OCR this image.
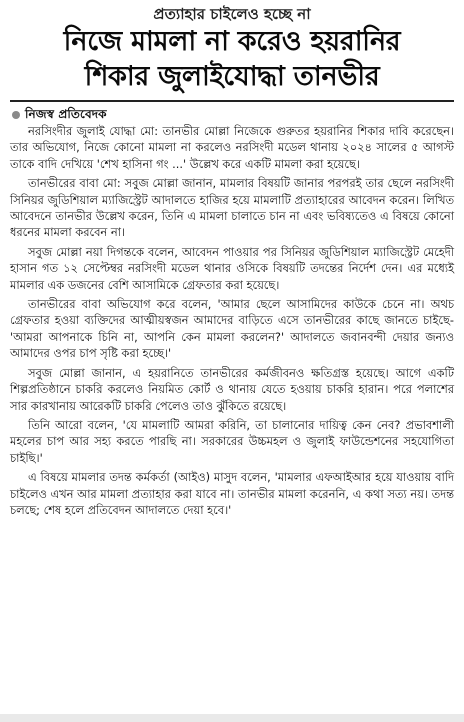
প্রত্যাহার চাইলেও হচ্ছে না
নিজে মামলা না করেও হয়রানির
শিকার জুলাইযোদ্ধা তানভীর
নিজস্ব প্রতিবেদক

নরসিংদীর জুলাই যোদ্ধা মো: তানভীর মোল্লা নিজেকে গুরুতর হয়রানির শিকার দাবি করেছেন। তার অভিযোগ, নিজে কোনো মামলা না করলেও নরসিংদী মডেল থানায় ২০২৪ সালের ৫ আগস্ট তাকে বাদি দেখিয়ে 'শেখ হাসিনা গং ...' উল্লেখ করে একটি মামলা করা হয়েছে।

তানভীরের বাবা মো: সবুজ মোল্লা জানান, মামলার বিষয়টি জানার পরপরই তার ছেলে নরসিংদী সিনিয়র জুডিশিয়াল ম্যাজিস্ট্রেট আদালতে হাজির হয়ে মামলাটি প্রত্যাহারের আবেদন করেন। লিখিত আবেদনে তানভীর উল্লেখ করেন, তিনি এ মামলা চালাতে চান না এবং ভবিষ্যতেও এ বিষয়ে কোনো ধরনের মামলা করবেন না।

সবুজ মোল্লা নয়া দিগন্তকে বলেন, আবেদন পাওয়ার পর সিনিয়র জুডিশিয়াল ম্যাজিস্ট্রেট মেহেদী হাসান গত ১২ সেপ্টেম্বর নরসিংদী মডেল থানার ওসিকে বিষয়টি তদন্তের নির্দেশ দেন। এর মধ্যেই মামলার এক ডজনের বেশি আসামিকে গ্রেফতার করা হয়েছে।

তানভীরের বাবা অভিযোগ করে বলেন, 'আমার ছেলে আসামিদের কাউকে চেনে না। অথচ গ্রেফতার হওয়া ব্যক্তিদের আত্মীয়স্বজন আমাদের বাড়িতে এসে তানভীরের কাছে জানতে চাইছে- 'আমরা আপনাকে চিনি না, আপনি কেন মামলা করলেন?' আদালতে জবানবন্দী দেয়ার জন্যও আমাদের ওপর চাপ সৃষ্টি করা হচ্ছে।'

সবুজ মোল্লা জানান, এ হয়রানিতে তানভীরের কর্মজীবনও ক্ষতিগ্রস্ত হয়েছে। আগে একটি শিল্পপ্রতিষ্ঠানে চাকরি করলেও নিয়মিত কোর্ট ও থানায় যেতে হওয়ায় চাকরি হারান। পরে পলাশের সার কারখানায় আরেকটি চাকরি পেলেও তাও ঝুঁকিতে রয়েছে।

তিনি আরো বলেন, 'যে মামলাটি আমরা করিনি, তা চালানোর দায়িত্ব কেন নেব? প্রভাবশালী মহলের চাপ আর সহ্য করতে পারছি না। সরকারের উচ্চমহল ও জুলাই ফাউন্ডেশনের সহযোগিতা চাইছি।'

এ বিষয়ে মামলার তদন্ত কর্মকর্তা (আইও) মাসুদ বলেন, 'মামলার এফআইআর হয়ে যাওয়ায় বাদি চাইলেও এখন আর মামলা প্রত্যাহার করা যাবে না। তানভীর মামলা করেননি, এ কথা সত্য নয়। তদন্ত চলছে; শেষ হলে প্রতিবেদন আদালতে দেয়া হবে।'
